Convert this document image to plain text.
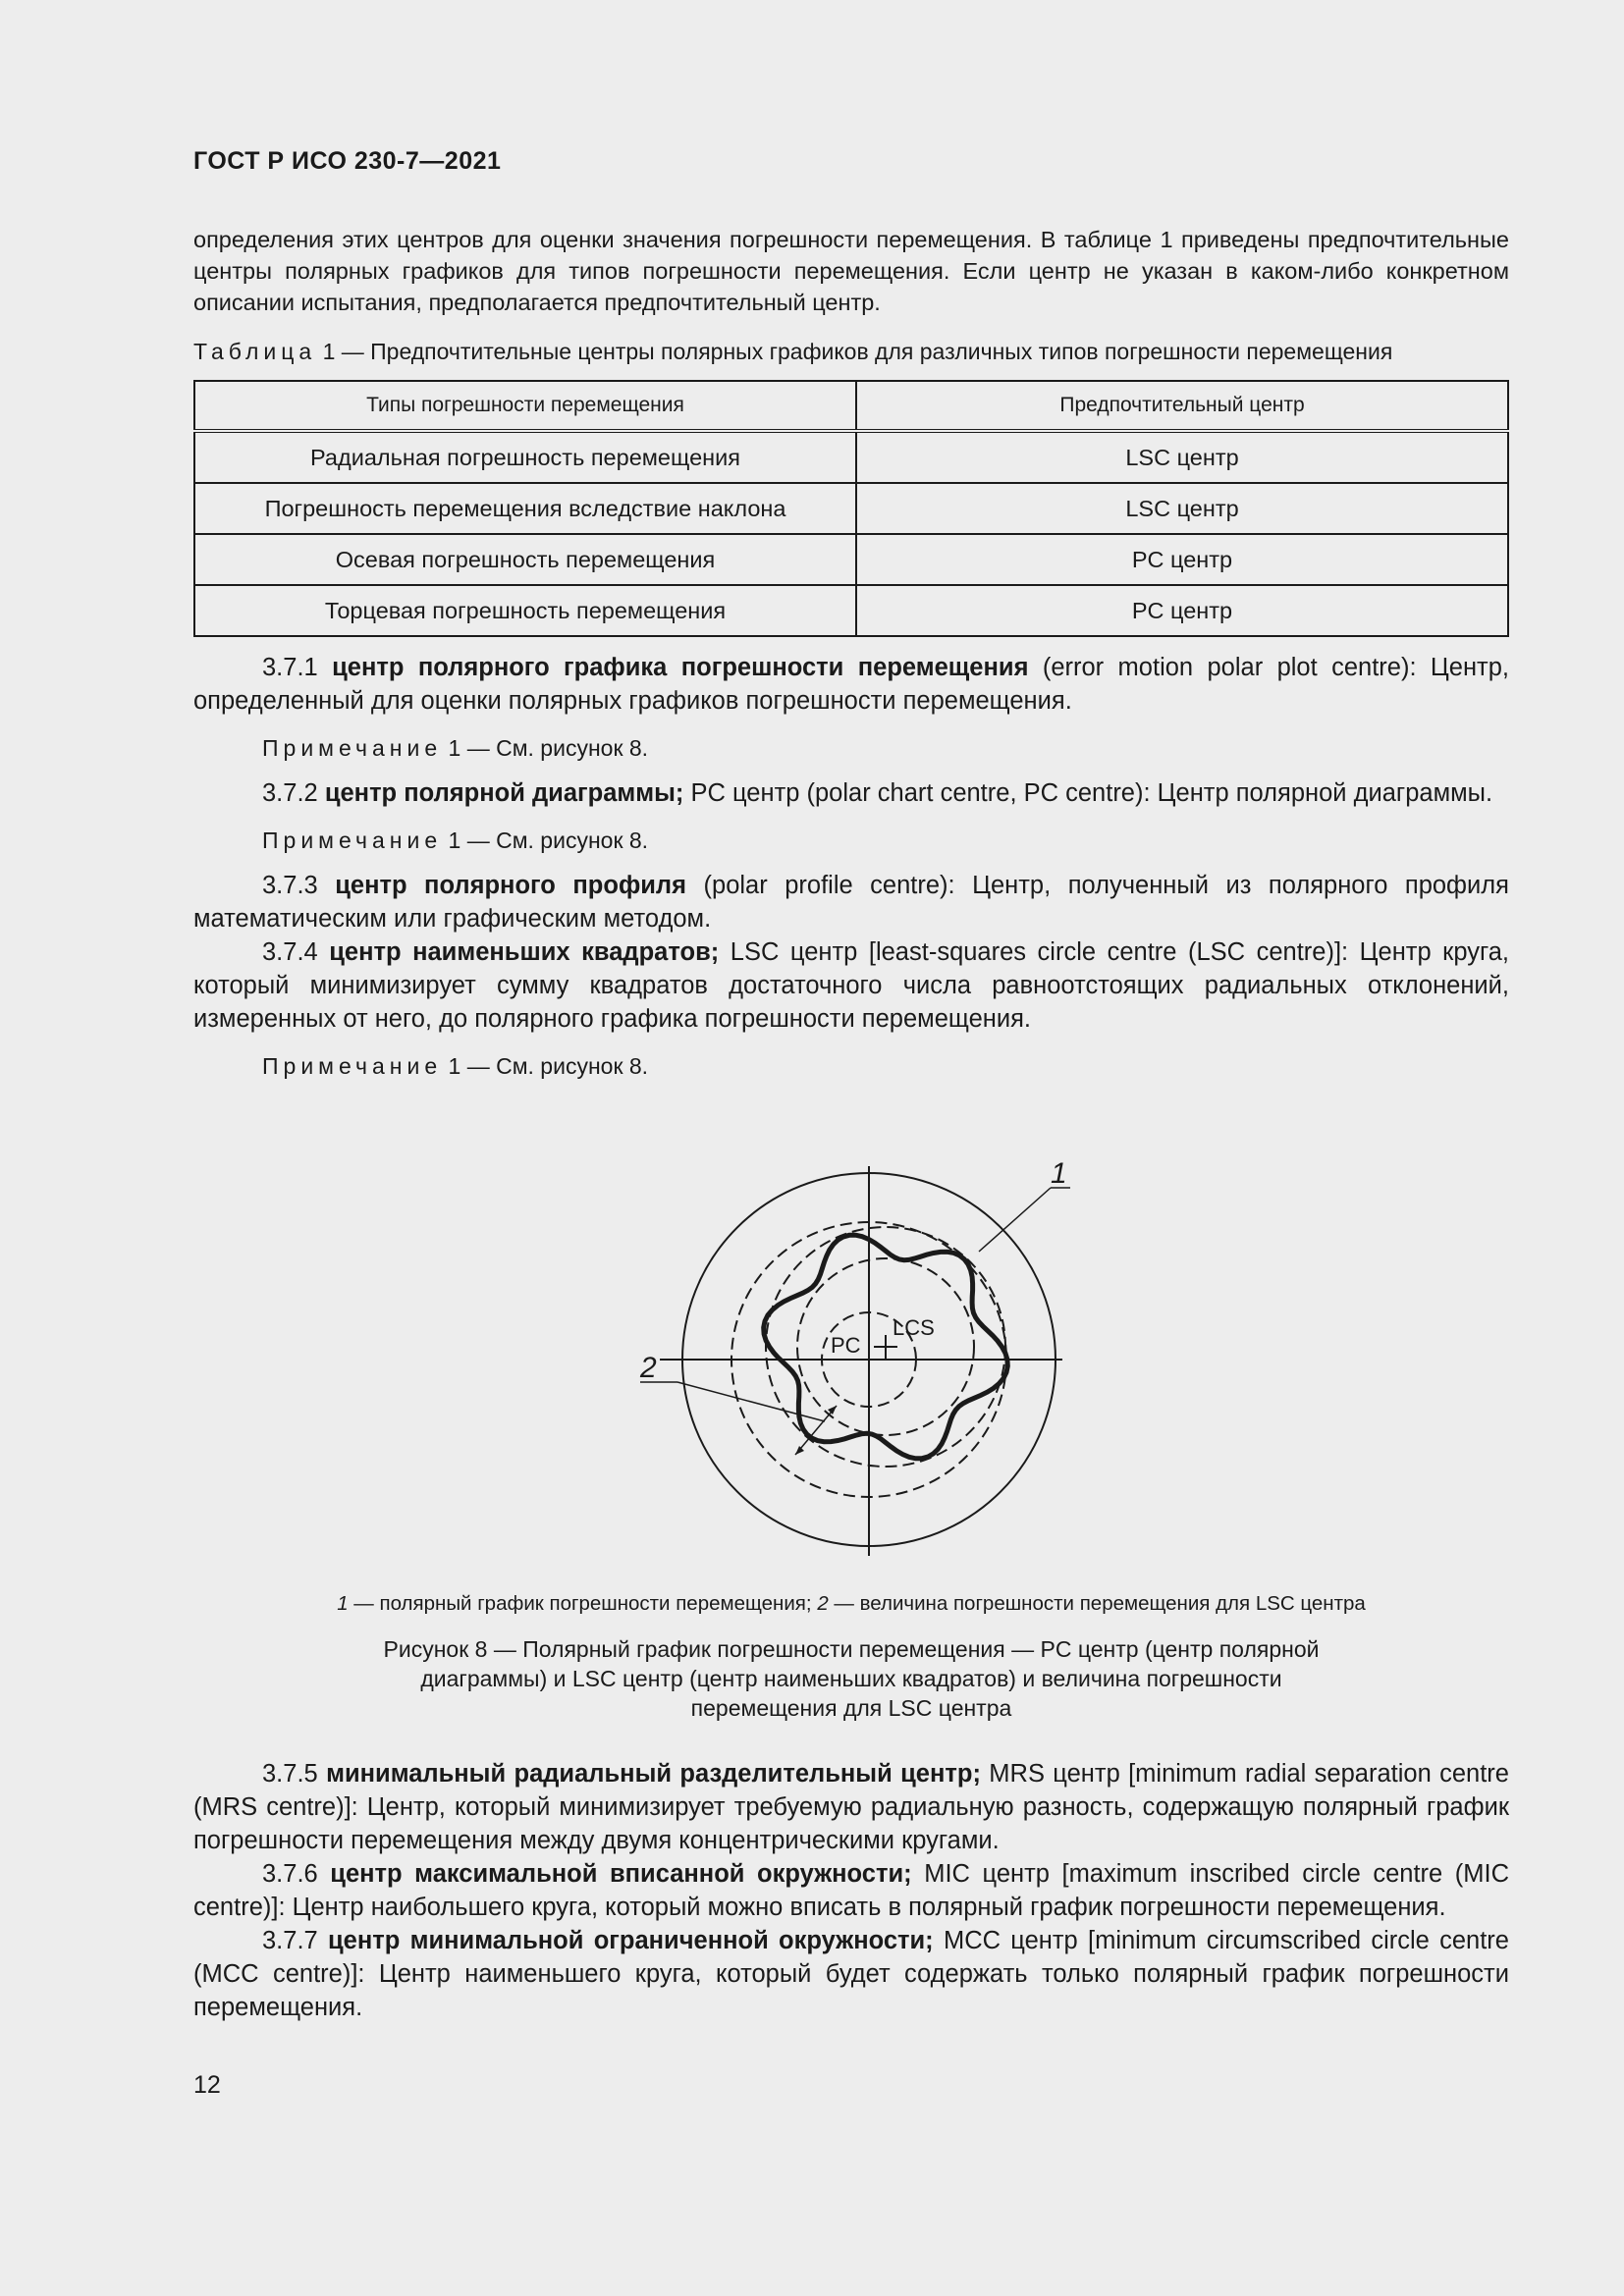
ГОСТ Р ИСО 230-7—2021

определения этих центров для оценки значения погрешности перемещения. В таблице 1 приведены предпочтительные центры полярных графиков для типов погрешности перемещения. Если центр не указан в каком-либо конкретном описании испытания, предполагается предпочтительный центр.

Таблица 1 — Предпочтительные центры полярных графиков для различных типов погрешности перемещения
Типы погрешности перемещения	Предпочтительный центр
Радиальная погрешность перемещения	LSC центр
Погрешность перемещения вследствие наклона	LSC центр
Осевая погрешность перемещения	PC центр
Торцевая погрешность перемещения	PC центр

3.7.1 центр полярного графика погрешности перемещения (error motion polar plot centre): Центр, определенный для оценки полярных графиков погрешности перемещения.

Примечание 1 — См. рисунок 8.

3.7.2 центр полярной диаграммы; PC центр (polar chart centre, PC centre): Центр полярной диаграммы.

Примечание 1 — См. рисунок 8.

3.7.3 центр полярного профиля (polar profile centre): Центр, полученный из полярного профиля математическим или графическим методом.

3.7.4 центр наименьших квадратов; LSC центр [least-squares circle centre (LSC centre)]: Центр круга, который минимизирует сумму квадратов достаточного числа равноотстоящих радиальных отклонений, измеренных от него, до полярного графика погрешности перемещения.

Примечание 1 — См. рисунок 8.

PC
LCS
1
2
1 — полярный график погрешности перемещения; 2 — величина погрешности перемещения для LSC центра
Рисунок 8 — Полярный график погрешности перемещения — PC центр (центр полярной
диаграммы) и LSC центр (центр наименьших квадратов) и величина погрешности
перемещения для LSC центра

3.7.5 минимальный радиальный разделительный центр; MRS центр [minimum radial separation centre (MRS centre)]: Центр, который минимизирует требуемую радиальную разность, содержащую полярный график погрешности перемещения между двумя концентрическими кругами.

3.7.6 центр максимальной вписанной окружности; MIC центр [maximum inscribed circle centre (MIC centre)]: Центр наибольшего круга, который можно вписать в полярный график погрешности перемещения.

3.7.7 центр минимальной ограниченной окружности; MCC центр [minimum circumscribed circle centre (MCC centre)]: Центр наименьшего круга, который будет содержать только полярный график погрешности перемещения.

12
